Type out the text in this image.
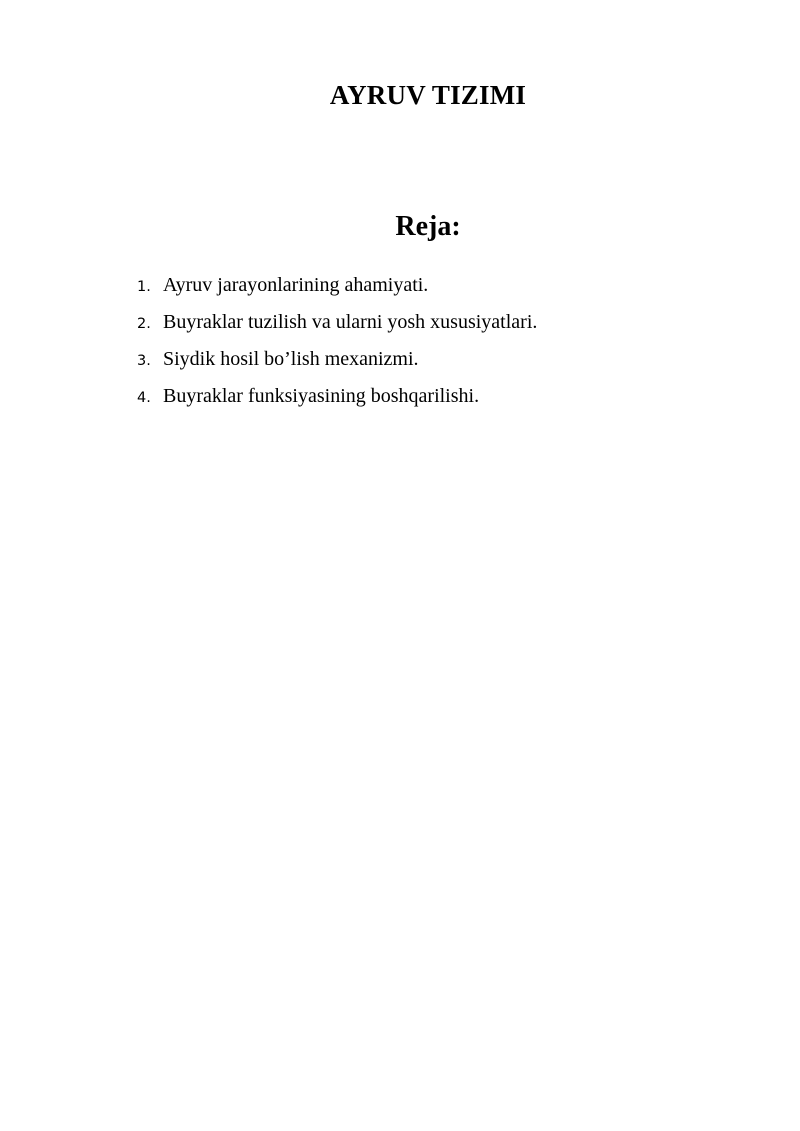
AYRUV TIZIMI
Reja:
1. Ayruv jarayonlarining ahamiyati.
2. Buyraklar tuzilish va ularni yosh xususiyatlari.
3. Siydik hosil bo’lish mexanizmi.
4. Buyraklar funksiyasining boshqarilishi.
